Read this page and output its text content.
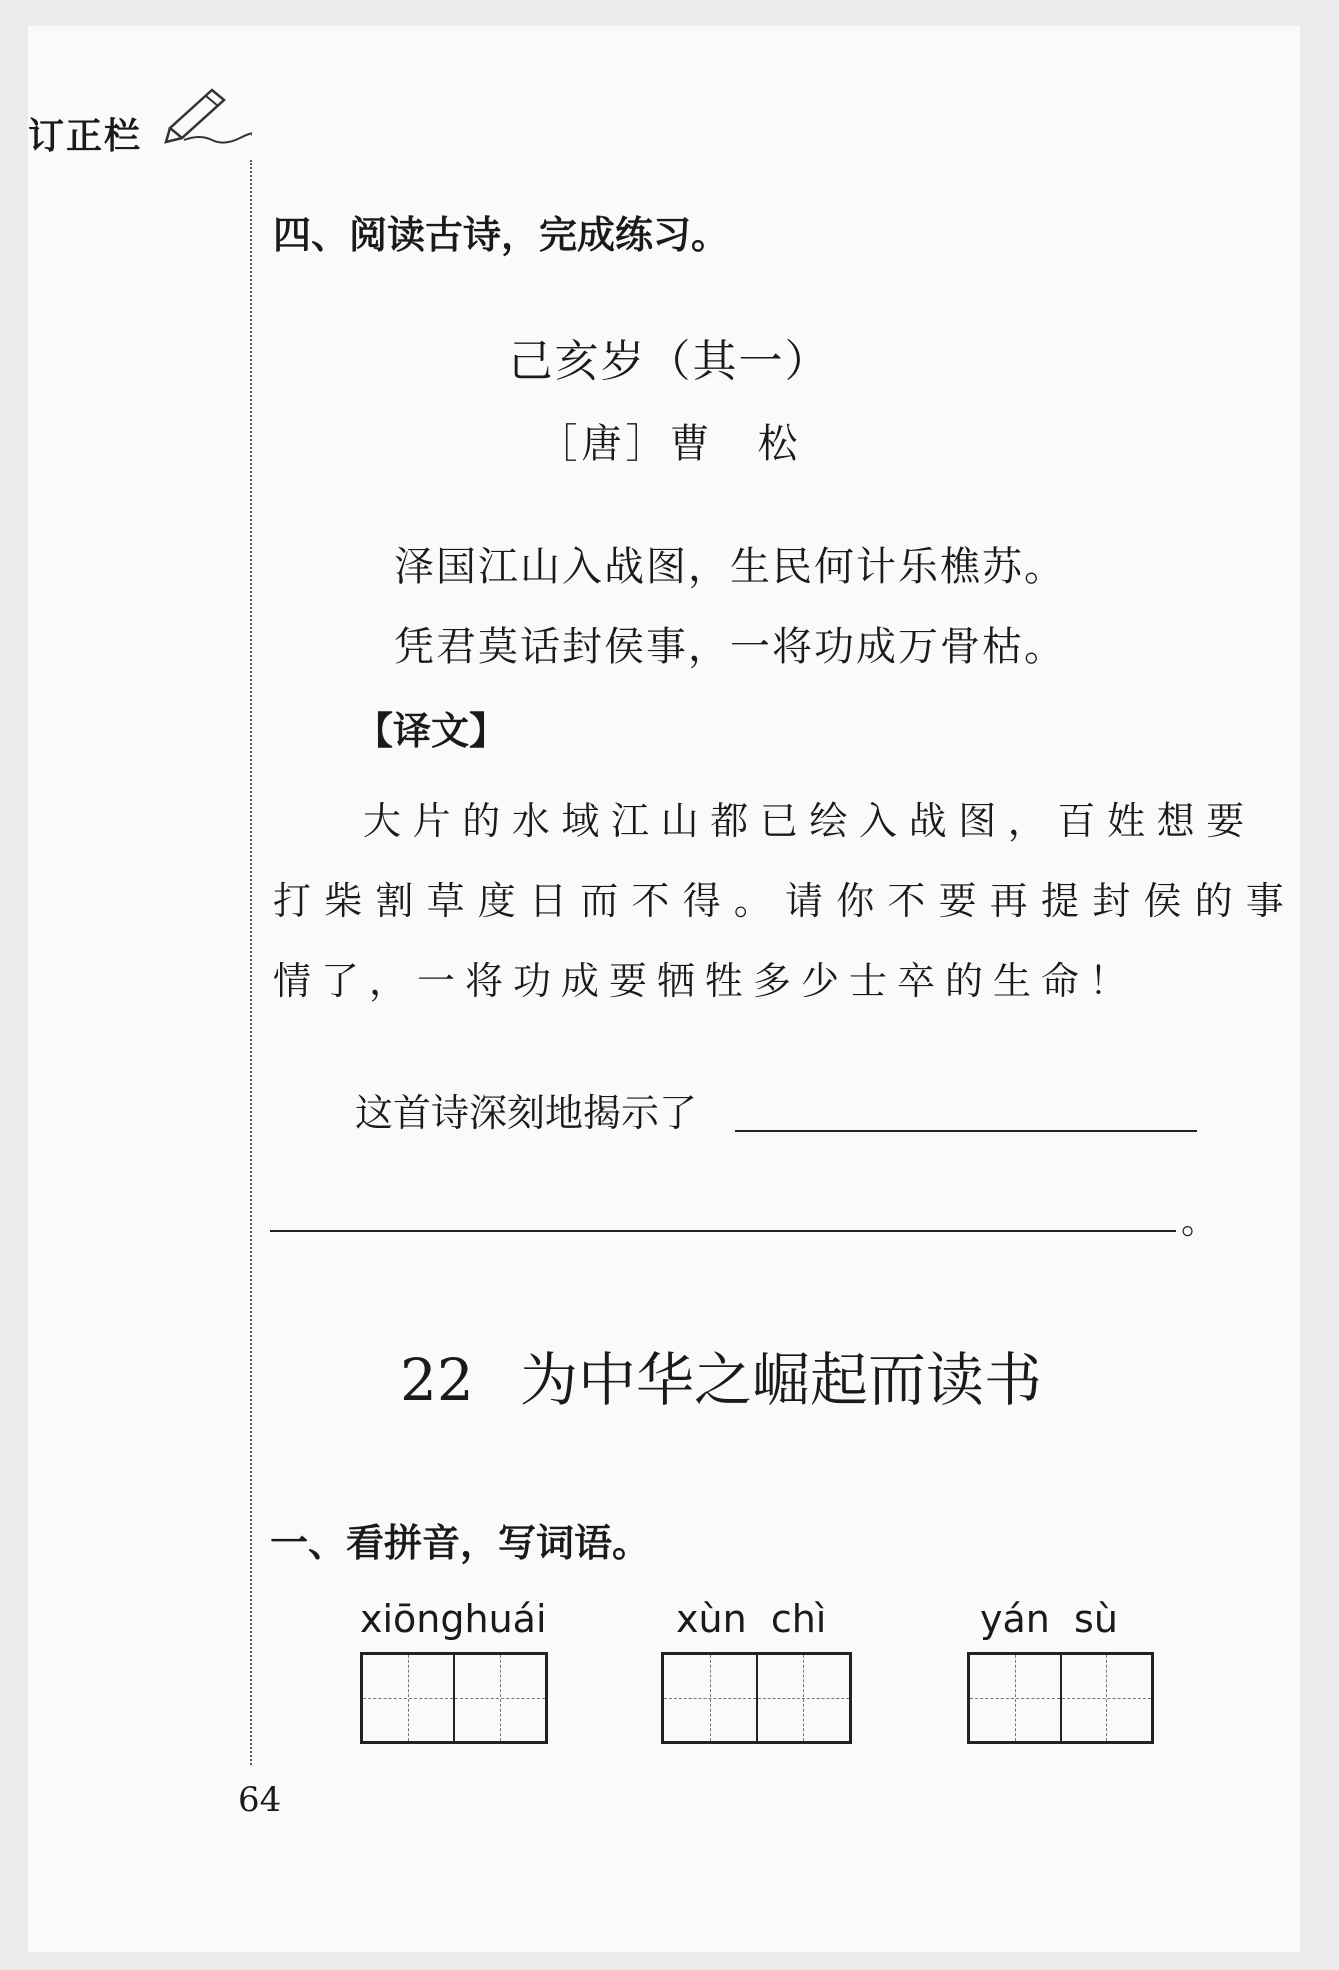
订正栏
四、阅读古诗，完成练习。
己亥岁（其一）
［唐］曹　松
泽国江山入战图，生民何计乐樵苏。
凭君莫话封侯事，一将功成万骨枯。
【译文】
大片的水域江山都已绘入战图，百姓想要
打柴割草度日而不得。请你不要再提封侯的事
情了，一将功成要牺牲多少士卒的生命！
这首诗深刻地揭示了
。
22 为中华之崛起而读书
一、看拼音，写词语。
xiōnghuái	xùn  chì	yán  sù
64
